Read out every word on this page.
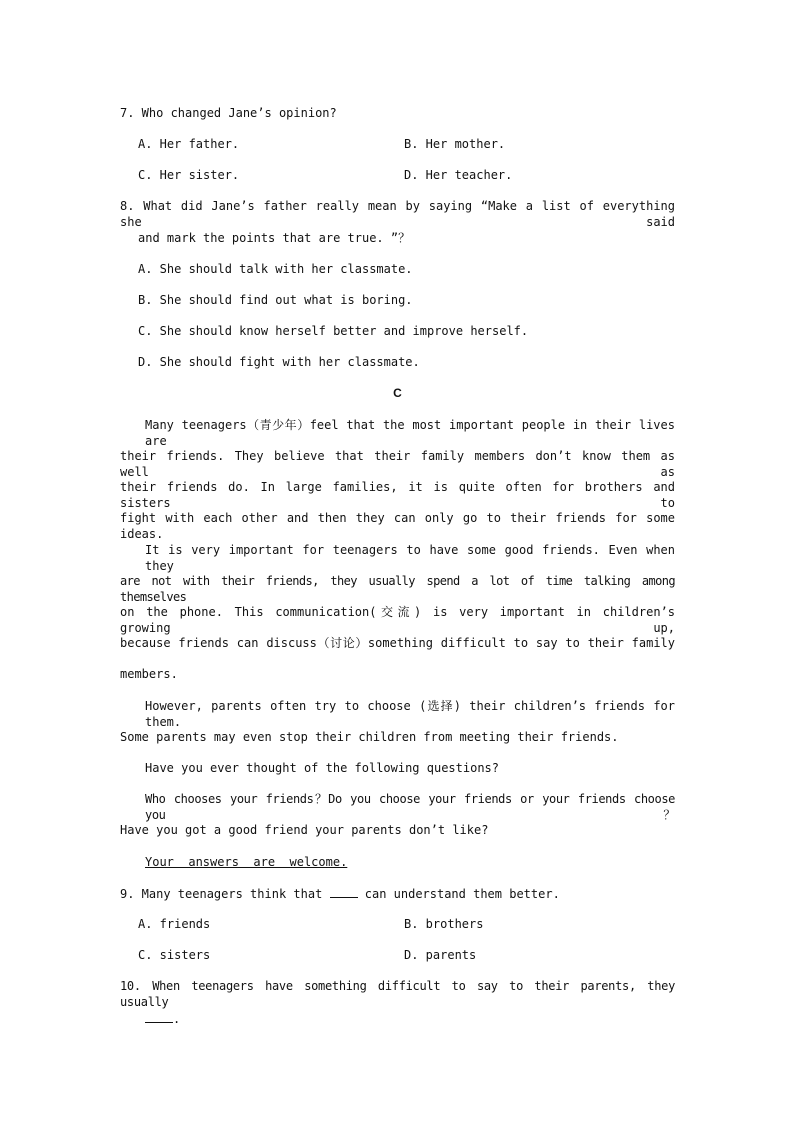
7. Who changed Jane’s opinion?
A. Her father.	B. Her mother.
C. Her sister.	D. Her teacher.
8. What did Jane’s father really mean by saying “Make a list of everything she said
and mark the points that are true. ”？
A. She should talk with her classmate.
B. She should find out what is boring.
C. She should know herself better and improve herself.
D. She should fight with her classmate.
C
Many teenagers（青少年）feel that the most important people in their lives are
their friends. They believe that their family members don’t know them as well as
their friends do. In large families, it is quite often for brothers and sisters to
fight with each other and then they can only go to their friends for some ideas.
It is very important for teenagers to have some good friends. Even when they
are not with their friends, they usually spend a lot of time talking among themselves
on the phone. This communication(交流) is very important in children’s growing up,
because friends can discuss（讨论）something difficult to say to their family
members.
However, parents often try to choose (选择) their children’s friends for them.
Some parents may even stop their children from meeting their friends.
Have you ever thought of the following questions?
Who chooses your friends？Do you choose your friends or your friends choose you？
Have you got a good friend your parents don’t like?
Your  answers  are  welcome.
9. Many teenagers think that  can understand them better.
A. friends	B. brothers
C. sisters	D. parents
10. When teenagers have something difficult to say to their parents, they usually
.
